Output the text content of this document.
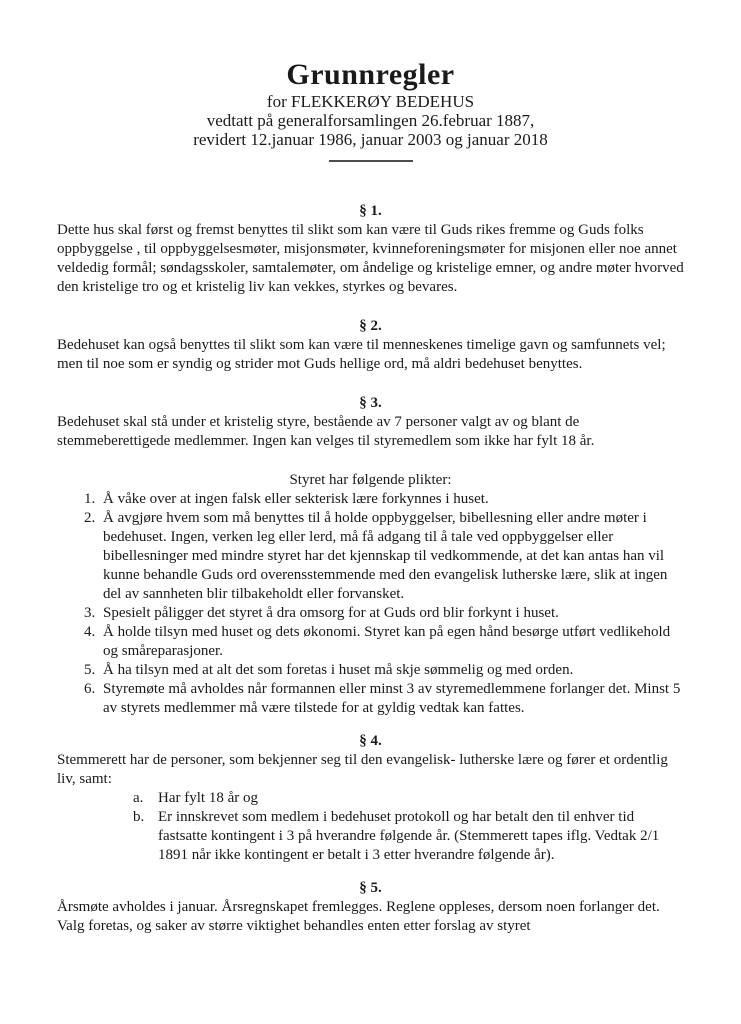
Grunnregler
for FLEKKERØY BEDEHUS
vedtatt på generalforsamlingen 26.februar 1887,
revidert 12.januar 1986, januar 2003 og januar 2018
§ 1.

Dette hus skal først og fremst benyttes til slikt som kan være til Guds rikes fremme og Guds folks oppbyggelse , til oppbyggelsesmøter, misjonsmøter, kvinneforeningsmøter for misjonen eller noe annet veldedig formål; søndagsskoler, samtalemøter, om åndelige og kristelige emner, og andre møter hvorved den kristelige tro og et kristelig liv kan vekkes, styrkes og bevares.

§ 2.

Bedehuset kan også benyttes til slikt som kan være til menneskenes timelige gavn og samfunnets vel; men til noe som er syndig og strider mot Guds hellige ord, må aldri bedehuset benyttes.

§ 3.

Bedehuset skal stå under et kristelig styre, bestående av 7 personer valgt av og blant de stemmeberettigede medlemmer. Ingen kan velges til styremedlem som ikke har fylt 18 år.

Styret har følgende plikter:
1. Å våke over at ingen falsk eller sekterisk lære forkynnes i huset.
2. Å avgjøre hvem som må benyttes til å holde oppbyggelser, bibellesning eller andre møter i bedehuset. Ingen, verken leg eller lerd, må få adgang til å tale ved oppbyggelser eller bibellesninger med mindre styret har det kjennskap til vedkommende, at det kan antas han vil kunne behandle Guds ord overensstemmende med den evangelisk lutherske lære, slik at ingen del av sannheten blir tilbakeholdt eller forvansket.
3. Spesielt påligger det styret å dra omsorg for at Guds ord blir forkynt i huset.
4. Å holde tilsyn med huset og dets økonomi. Styret kan på egen hånd besørge utført vedlikehold og småreparasjoner.
5. Å ha tilsyn med at alt det som foretas i huset må skje sømmelig og med orden.
6. Styremøte må avholdes når formannen eller minst 3 av styremedlemmene forlanger det. Minst 5 av styrets medlemmer må være tilstede for at gyldig vedtak kan fattes.
§ 4.

Stemmerett har de personer, som bekjenner seg til den evangelisk- lutherske lære og fører et ordentlig liv, samt:

a. Har fylt 18 år og
b. Er innskrevet som medlem i bedehuset protokoll og har betalt den til enhver tid fastsatte kontingent i 3 på hverandre følgende år. (Stemmerett tapes iflg. Vedtak 2/1 1891 når ikke kontingent er betalt i 3 etter hverandre følgende år).
§ 5.

Årsmøte avholdes i januar. Årsregnskapet fremlegges. Reglene oppleses, dersom noen forlanger det. Valg foretas, og saker av større viktighet behandles enten etter forslag av styret
